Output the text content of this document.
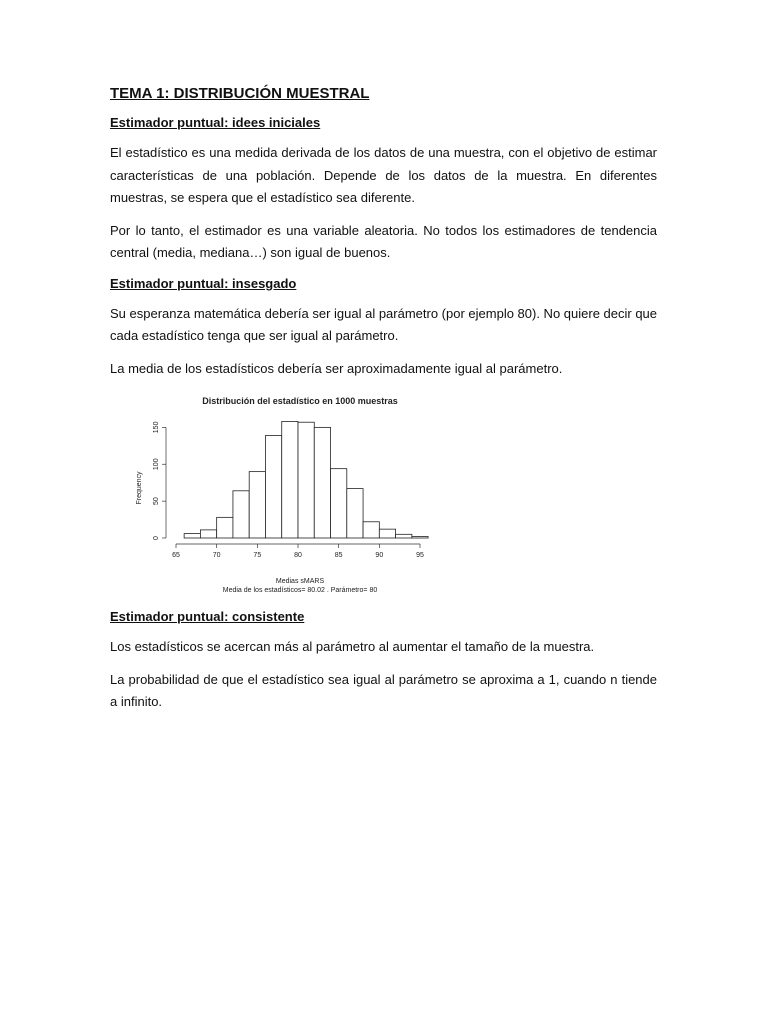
TEMA 1: DISTRIBUCIÓN MUESTRAL
Estimador puntual: idees iniciales

El estadístico es una medida derivada de los datos de una muestra, con el objetivo de estimar características de una población. Depende de los datos de la muestra. En diferentes muestras, se espera que el estadístico sea diferente.

Por lo tanto, el estimador es una variable aleatoria. No todos los estimadores de tendencia central (media, mediana…) son igual de buenos.

Estimador puntual: insesgado

Su esperanza matemática debería ser igual al parámetro (por ejemplo 80). No quiere decir que cada estadístico tenga que ser igual al parámetro.

La media de los estadísticos debería ser aproximadamente igual al parámetro.

Distribución del estadístico en 1000 muestras
Frequency
Medias sMARS
Media de los estadísticos= 80.02 . Parámetro= 80
65	70	75	80	85	90	95
0
50
100
150
Estimador puntual: consistente

Los estadísticos se acercan más al parámetro al aumentar el tamaño de la muestra.

La probabilidad de que el estadístico sea igual al parámetro se aproxima a 1, cuando n tiende a infinito.
